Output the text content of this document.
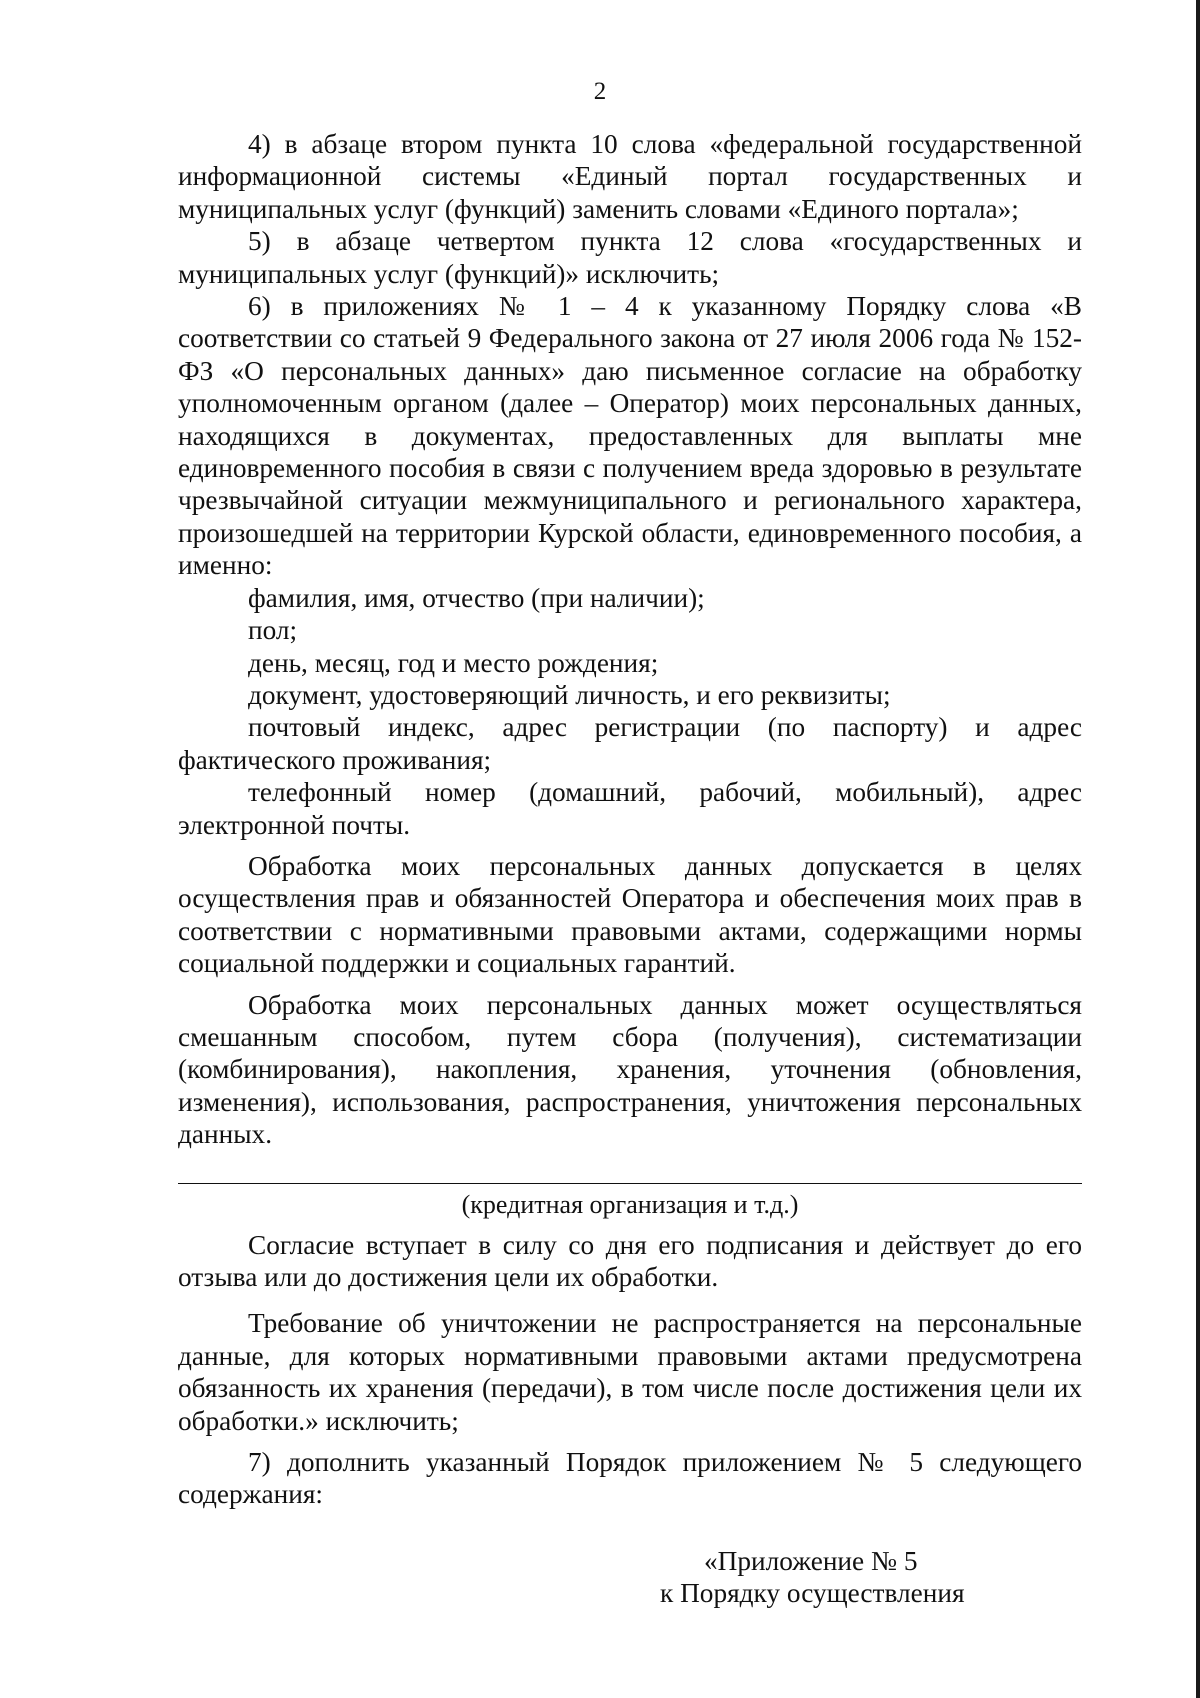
2

4) в абзаце втором пункта 10 слова «федеральной государственной информационной системы «Единый портал государственных и муниципальных услуг (функций) заменить словами «Единого портала»;

5) в абзаце четвертом пункта 12 слова «государственных и муниципальных услуг (функций)» исключить;

6) в приложениях № 1 – 4 к указанному Порядку слова «В соответствии со статьей 9 Федерального закона от 27 июля 2006 года № 152-ФЗ «О персональных данных» даю письменное согласие на обработку уполномоченным органом (далее – Оператор) моих персональных данных, находящихся в документах, предоставленных для выплаты мне единовременного пособия в связи с получением вреда здоровью в результате чрезвычайной ситуации межмуниципального и регионального характера, произошедшей на территории Курской области, единовременного пособия, а именно:

фамилия, имя, отчество (при наличии);

пол;

день, месяц, год и место рождения;

документ, удостоверяющий личность, и его реквизиты;

почтовый индекс, адрес регистрации (по паспорту) и адрес фактического проживания;

телефонный номер (домашний, рабочий, мобильный), адрес электронной почты.

Обработка моих персональных данных допускается в целях осуществления прав и обязанностей Оператора и обеспечения моих прав в соответствии с нормативными правовыми актами, содержащими нормы социальной поддержки и социальных гарантий.

Обработка моих персональных данных может осуществляться смешанным способом, путем сбора (получения), систематизации (комбинирования), накопления, хранения, уточнения (обновления, изменения), использования, распространения, уничтожения персональных данных.

(кредитная организация и т.д.)

Согласие вступает в силу со дня его подписания и действует до его отзыва или до достижения цели их обработки.

Требование об уничтожении не распространяется на персональные данные, для которых нормативными правовыми актами предусмотрена обязанность их хранения (передачи), в том числе после достижения цели их обработки.» исключить;

7) дополнить указанный Порядок приложением № 5 следующего содержания:

«Приложение № 5
к Порядку осуществления
